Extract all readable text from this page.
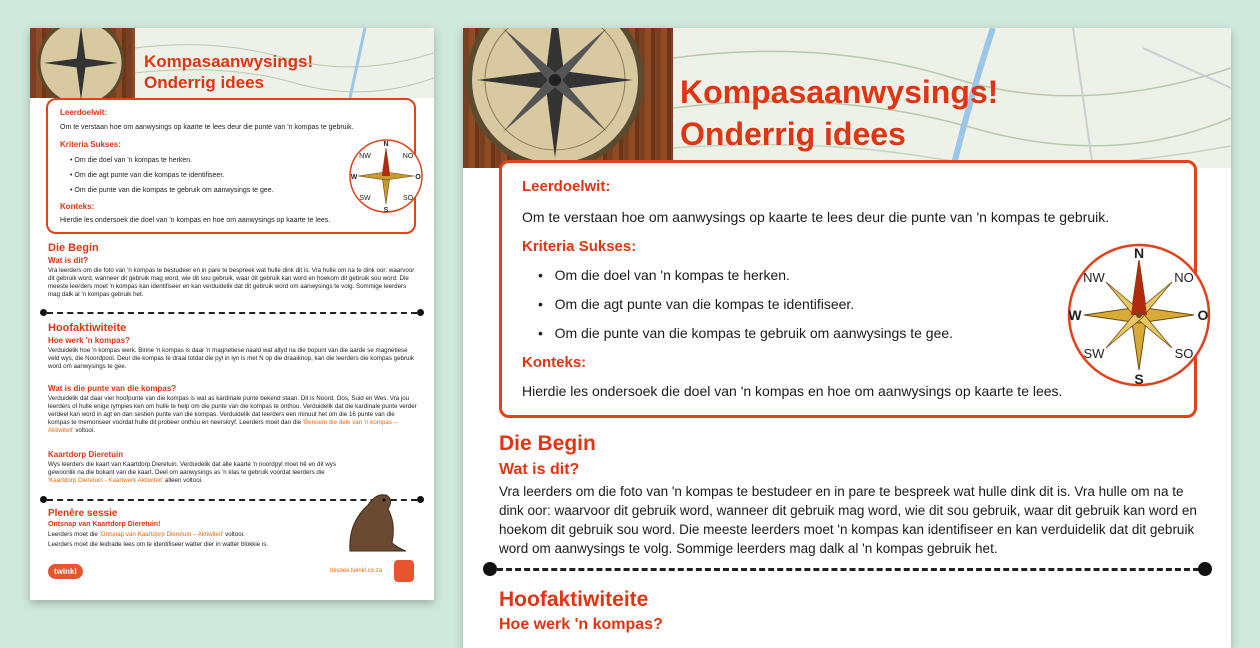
Kompasaanwysings!

Onderrig idees

Leerdoelwit:

Om te verstaan hoe om aanwysings op kaarte te lees deur die punte van 'n kompas te gebruik.

Kriteria Sukses:

• Om die doel van 'n kompas te herken.

• Om die agt punte van die kompas te identifiseer.

• Om die punte van die kompas te gebruik om aanwysings te gee.

Konteks:

Hierdie les ondersoek die doel van 'n kompas en hoe om aanwysings op kaarte te lees.

N
S
O
W
NW	NO
SW	SO

Die Begin

Wat is dit?

Vra leerders om die foto van 'n kompas te bestudeer en in pare te bespreek wat hulle dink dit is. Vra hulle om na te dink oor: waarvoor dit gebruik word, wanneer dit gebruik mag word, wie dit sou gebruik, waar dit gebruik kan word en hoekom dit gebruik sou word. Die meeste leerders moet 'n kompas kan identifiseer en kan verduidelik dat dit gebruik word om aanwysings te volg. Sommige leerders mag dalk al 'n kompas gebruik het.

Hoofaktiwiteite

Hoe werk 'n kompas?

Verduidelik hoe 'n kompas werk. Binne 'n kompas is daar 'n magnetiese naald wat altyd na die bopunt van die aarde se magnetiese veld wys, die Noordpool. Deur die kompas te draai totdat die pyl in lyn is met N op die draaiknop, kan die leerders die kompas gebruik word om aanwysings te gee.

Wat is die punte van die kompas?

Verduidelik dat daar vier hoofpunte van die kompas is wat as kardinale punte bekend staan. Dit is Noord, Oos, Suid en Wes. Vra jou leerders of hulle enige rympies ken om hulle te help om die punte van die kompas te onthou. Verduidelik dat die kardinale punte verder verdeel kan word in agt en dan sestien punte van die kompas. Verduidelik dat leerders een minuut het om die 16 punte van die kompas te memoriseer voordat hulle dit probeer onthou en neerskryf. Leerders moet dan die 'Benoem die dele van 'n kompas – Aktiwiteit' voltooi.

Kaartdorp Dieretuin

Wys leerders die kaart van Kaartdorp Dieretuin. Verduidelik dat alle kaarte 'n noordpyl moet hê en dit wys gewoonlik na die bokant van die kaart. Deel om aanwysings as 'n klas te gebruik voordat leerders die 'Kaartdorp Dieretuin - Kaartwerk Aktiwiteit' alleen voltooi.

Plenêre sessie

Ontsnap van Kaartdorp Dieretuin!

Leerders moet die 'Ontsnap van Kaartdorp Dieretuin – Aktiwiteit' voltooi.

Leerders moet die leidrade lees om te identifiseer watter dier in watter blokkie is.

twinkl	besoek.twinkl.co.za

Kompasaanwysings!

Onderrig idees

Leerdoelwit:

Om te verstaan hoe om aanwysings op kaarte te lees deur die punte van 'n kompas te gebruik.

Kriteria Sukses:

•   Om die doel van 'n kompas te herken.

•   Om die agt punte van die kompas te identifiseer.

•   Om die punte van die kompas te gebruik om aanwysings te gee.

Konteks:

Hierdie les ondersoek die doel van 'n kompas en hoe om aanwysings op kaarte te lees.

N
S
O
W
NW	NO
SW	SO

Die Begin

Wat is dit?

Vra leerders om die foto van 'n kompas te bestudeer en in pare te bespreek wat hulle dink dit is. Vra hulle om na te dink oor: waarvoor dit gebruik word, wanneer dit gebruik mag word, wie dit sou gebruik, waar dit gebruik kan word en hoekom dit gebruik sou word. Die meeste leerders moet 'n kompas kan identifiseer en kan verduidelik dat dit gebruik word om aanwysings te volg. Sommige leerders mag dalk al 'n kompas gebruik het.

Hoofaktiwiteite

Hoe werk 'n kompas?
